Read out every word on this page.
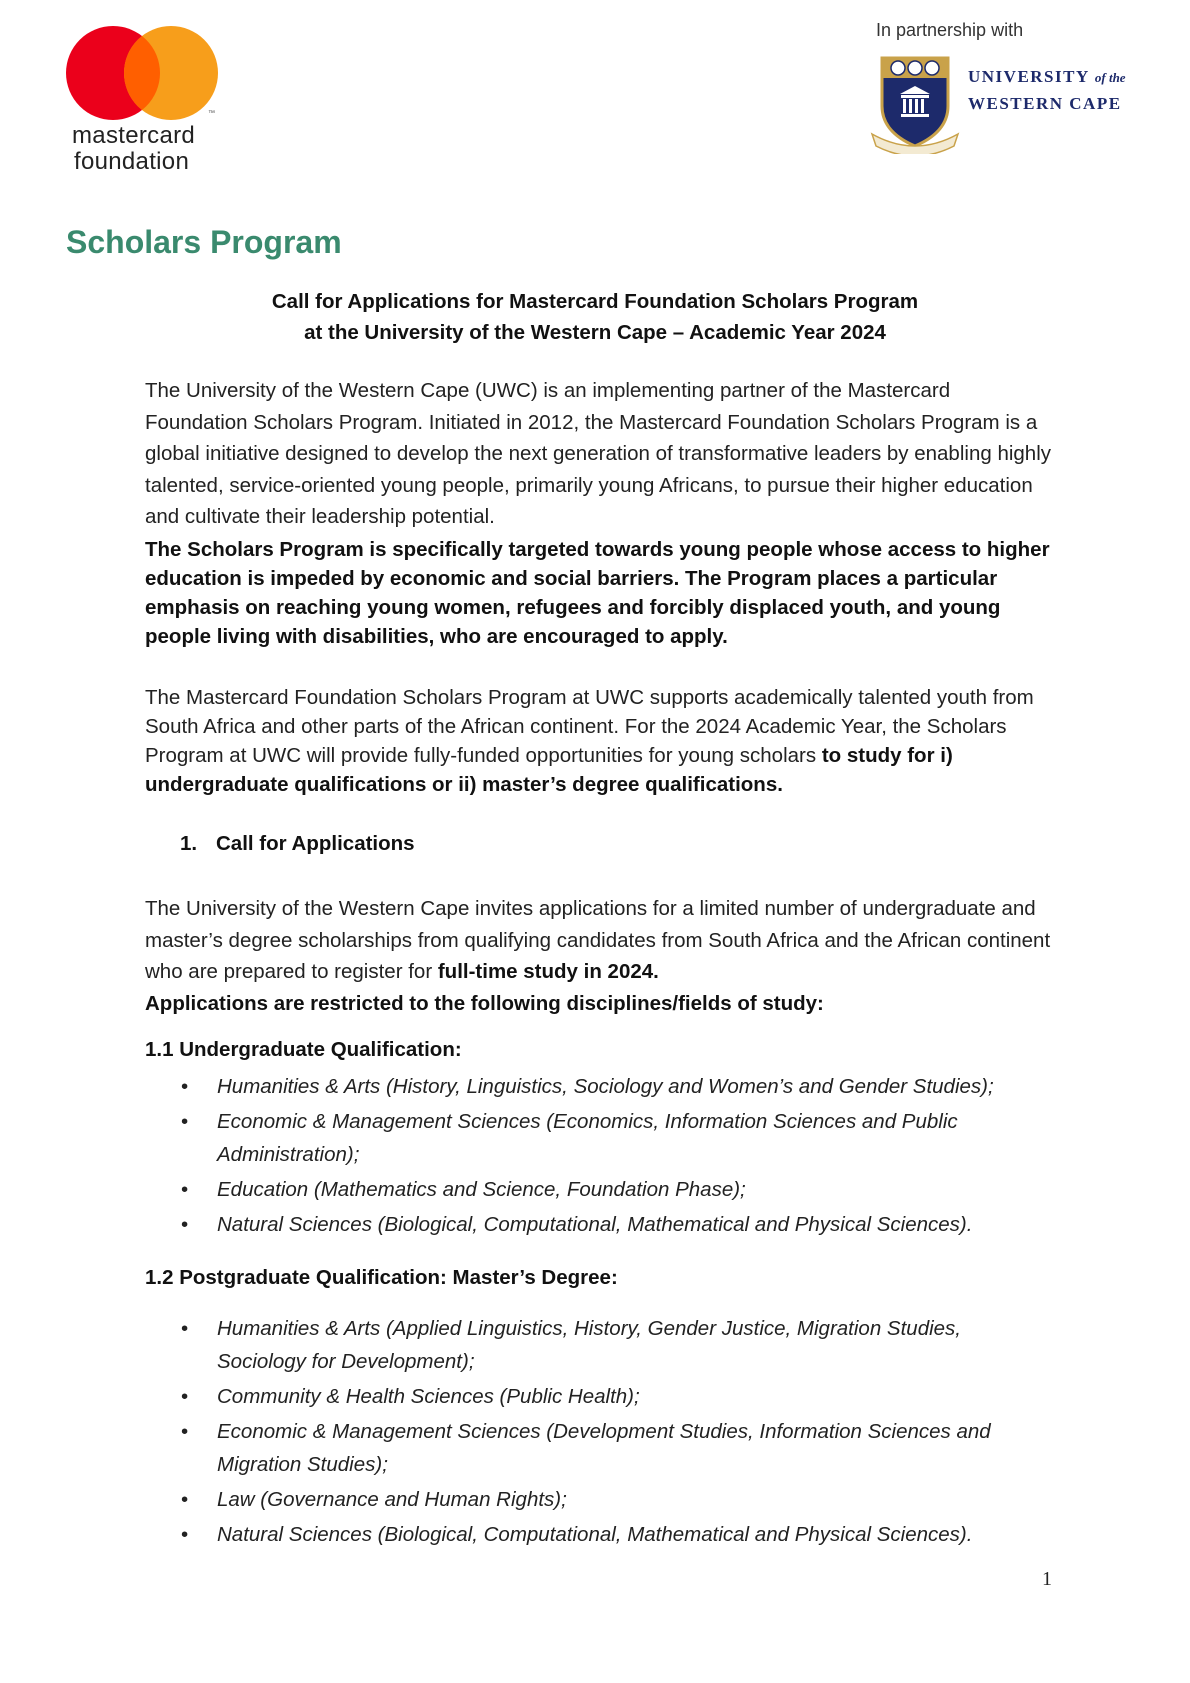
™
mastercard
foundation
In partnership with
UNIVERSITY of the
WESTERN CAPE
Scholars Program
Call for Applications for Mastercard Foundation Scholars Program
at the University of the Western Cape – Academic Year 2024
The University of the Western Cape (UWC) is an implementing partner of the Mastercard Foundation Scholars Program. Initiated in 2012, the Mastercard Foundation Scholars Program is a global initiative designed to develop the next generation of transformative leaders by enabling highly talented, service-oriented young people, primarily young Africans, to pursue their higher education and cultivate their leadership potential.
The Scholars Program is specifically targeted towards young people whose access to higher education is impeded by economic and social barriers. The Program places a particular emphasis on reaching young women, refugees and forcibly displaced youth, and young people living with disabilities, who are encouraged to apply.
The Mastercard Foundation Scholars Program at UWC supports academically talented youth from South Africa and other parts of the African continent. For the 2024 Academic Year, the Scholars Program at UWC will provide fully-funded opportunities for young scholars to study for i) undergraduate qualifications or ii) master’s degree qualifications.
1. Call for Applications
The University of the Western Cape invites applications for a limited number of undergraduate and master’s degree scholarships from qualifying candidates from South Africa and the African continent who are prepared to register for full-time study in 2024.
Applications are restricted to the following disciplines/fields of study:
1.1 Undergraduate Qualification:
• Humanities & Arts (History, Linguistics, Sociology and Women’s and Gender Studies);
• Economic & Management Sciences (Economics, Information Sciences and Public Administration);
• Education (Mathematics and Science, Foundation Phase);
• Natural Sciences (Biological, Computational, Mathematical and Physical Sciences).
1.2 Postgraduate Qualification: Master’s Degree:
• Humanities & Arts (Applied Linguistics, History, Gender Justice, Migration Studies, Sociology for Development);
• Community & Health Sciences (Public Health);
• Economic & Management Sciences (Development Studies, Information Sciences and Migration Studies);
• Law (Governance and Human Rights);
• Natural Sciences (Biological, Computational, Mathematical and Physical Sciences).
1
